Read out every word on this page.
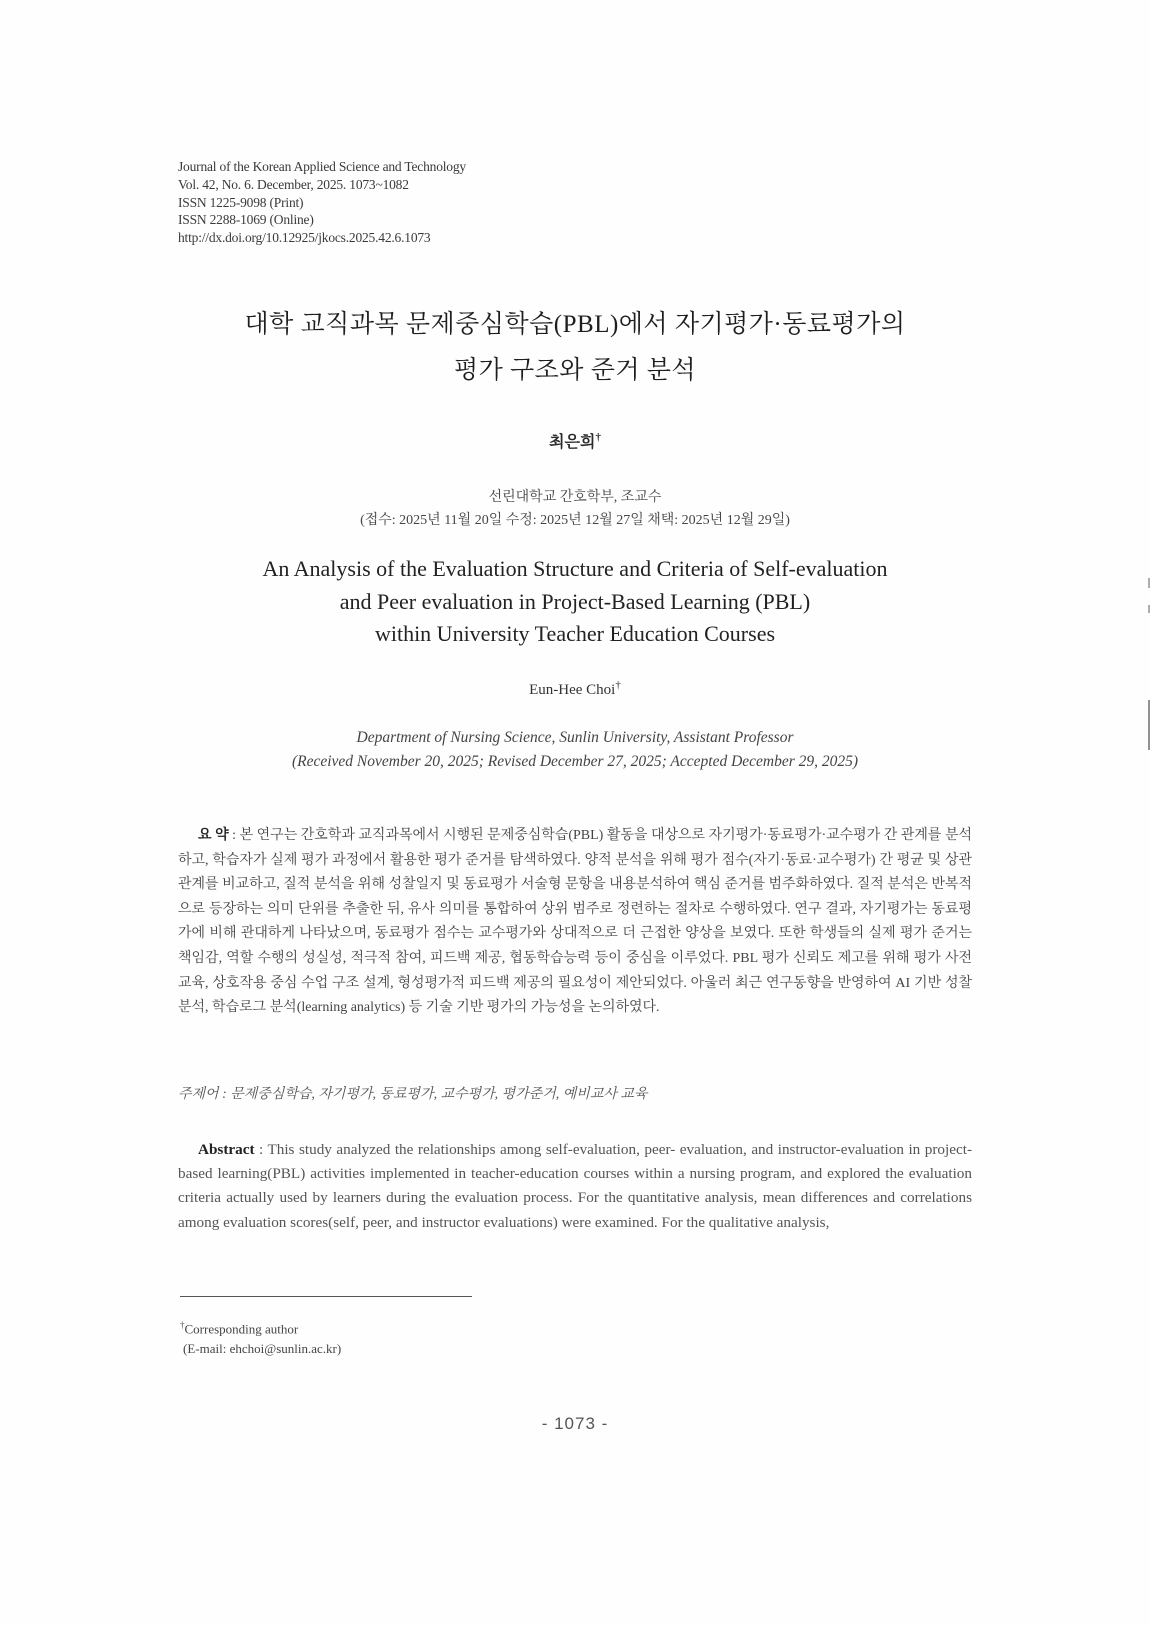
Journal of the Korean Applied Science and Technology
Vol. 42, No. 6. December, 2025. 1073~1082
ISSN 1225-9098 (Print)
ISSN 2288-1069 (Online)
http://dx.doi.org/10.12925/jkocs.2025.42.6.1073
대학 교직과목 문제중심학습(PBL)에서 자기평가·동료평가의
평가 구조와 준거 분석
최은희†
선린대학교 간호학부, 조교수
(접수: 2025년 11월 20일 수정: 2025년 12월 27일 채택: 2025년 12월 29일)
An Analysis of the Evaluation Structure and Criteria of Self-evaluation
and Peer evaluation in Project-Based Learning (PBL)
within University Teacher Education Courses
Eun-Hee Choi†
Department of Nursing Science, Sunlin University, Assistant Professor
(Received November 20, 2025; Revised December 27, 2025; Accepted December 29, 2025)
요 약 : 본 연구는 간호학과 교직과목에서 시행된 문제중심학습(PBL) 활동을 대상으로 자기평가·동료평가·교수평가 간 관계를 분석하고, 학습자가 실제 평가 과정에서 활용한 평가 준거를 탐색하였다. 양적 분석을 위해 평가 점수(자기·동료·교수평가) 간 평균 및 상관관계를 비교하고, 질적 분석을 위해 성찰일지 및 동료평가 서술형 문항을 내용분석하여 핵심 준거를 범주화하였다. 질적 분석은 반복적으로 등장하는 의미 단위를 추출한 뒤, 유사 의미를 통합하여 상위 범주로 정련하는 절차로 수행하였다. 연구 결과, 자기평가는 동료평가에 비해 관대하게 나타났으며, 동료평가 점수는 교수평가와 상대적으로 더 근접한 양상을 보였다. 또한 학생들의 실제 평가 준거는 책임감, 역할 수행의 성실성, 적극적 참여, 피드백 제공, 협동학습능력 등이 중심을 이루었다. PBL 평가 신뢰도 제고를 위해 평가 사전교육, 상호작용 중심 수업 구조 설계, 형성평가적 피드백 제공의 필요성이 제안되었다. 아울러 최근 연구동향을 반영하여 AI 기반 성찰 분석, 학습로그 분석(learning analytics) 등 기술 기반 평가의 가능성을 논의하였다.
주제어 : 문제중심학습, 자기평가, 동료평가, 교수평가, 평가준거, 예비교사 교육
Abstract : This study analyzed the relationships among self-evaluation, peer- evaluation, and instructor-evaluation in project-based learning(PBL) activities implemented in teacher-education courses within a nursing program, and explored the evaluation criteria actually used by learners during the evaluation process. For the quantitative analysis, mean differences and correlations among evaluation scores(self, peer, and instructor evaluations) were examined. For the qualitative analysis,
†Corresponding author
(E-mail: ehchoi@sunlin.ac.kr)
- 1073 -
